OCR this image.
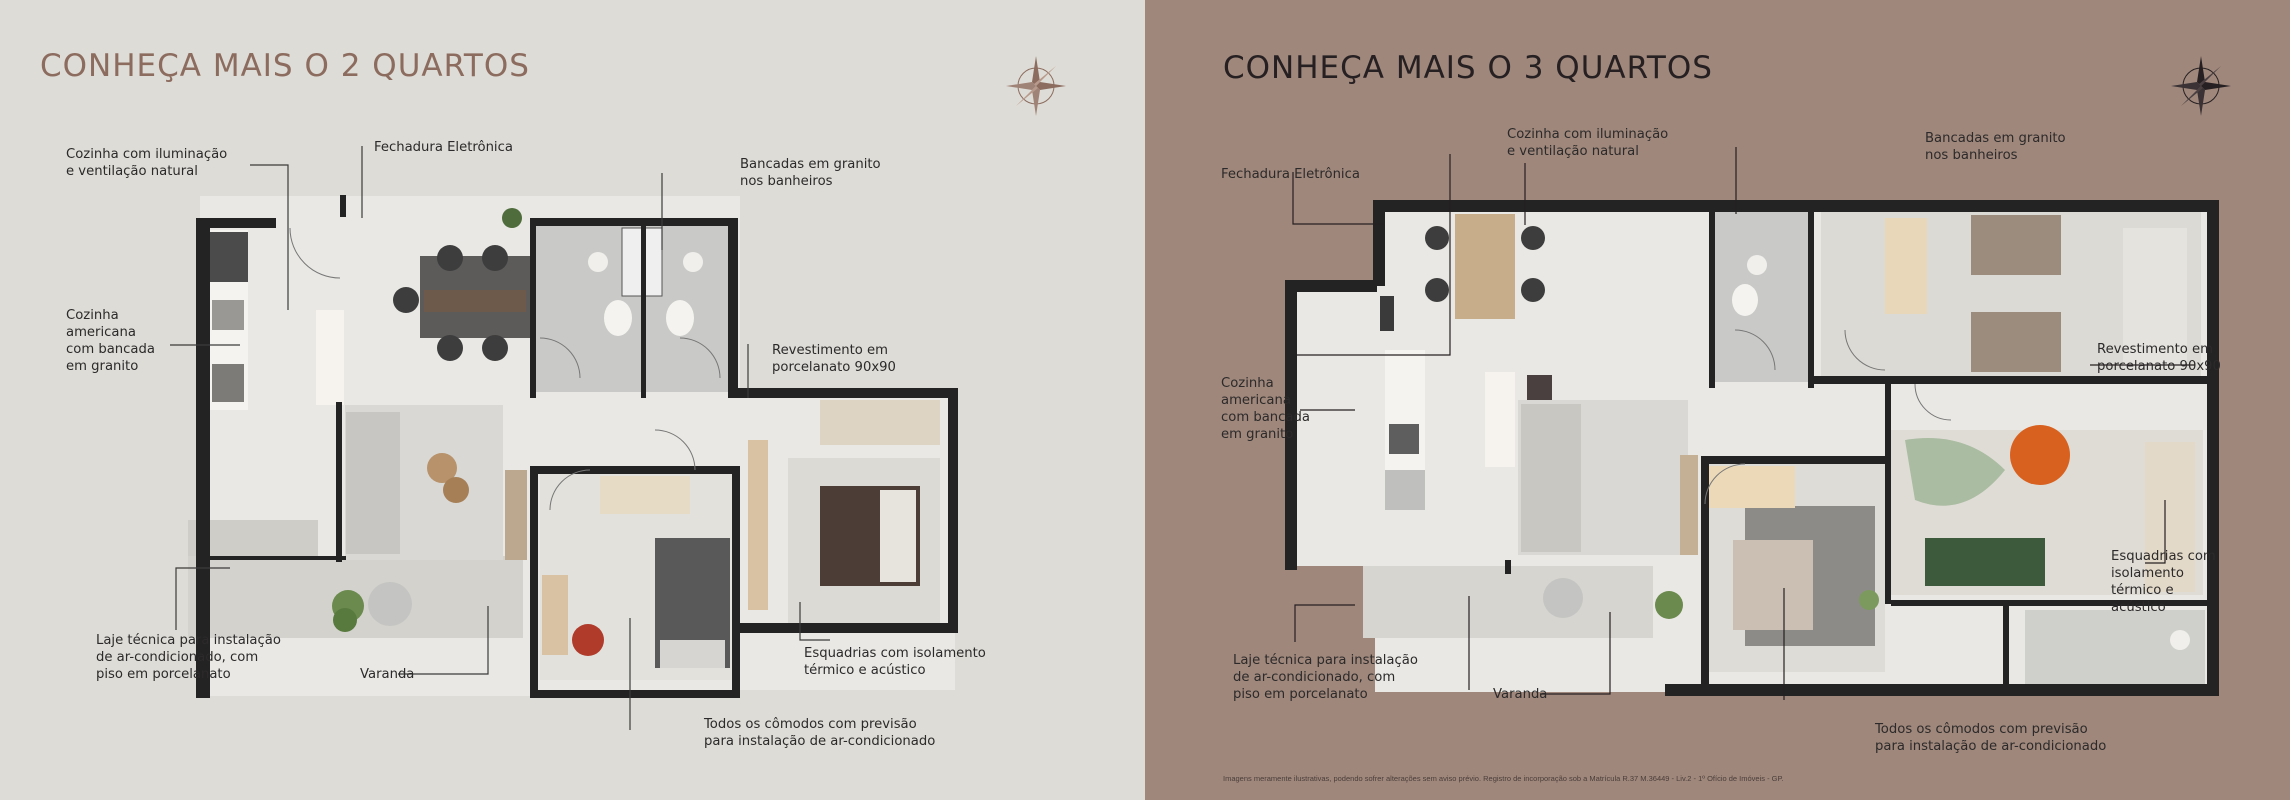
CONHEÇA MAIS O 2 QUARTOS
Cozinha com iluminação
e ventilação natural
Fechadura Eletrônica
Bancadas em granito
nos banheiros
Cozinha
americana
com bancada
em granito
Revestimento em
porcelanato 90x90
Laje técnica para instalação
de ar-condicionado, com
piso em porcelanato	Varanda
Esquadrias com isolamento
térmico e acústico
Todos os cômodos com previsão
para instalação de ar-condicionado
CONHEÇA MAIS O 3 QUARTOS
Fechadura Eletrônica
Cozinha com iluminação
e ventilação natural
Bancadas em granito
nos banheiros
Cozinha
americana
com bancada
em granito
Revestimento em
porcelanato 90x90
Esquadrias com
isolamento
térmico e
acústico
Laje técnica para instalação
de ar-condicionado, com
piso em porcelanato	Varanda
Todos os cômodos com previsão
para instalação de ar-condicionado
Imagens meramente ilustrativas, podendo sofrer alterações sem aviso prévio. Registro de incorporação sob a Matrícula R.37 M.36449 - Liv.2 - 1º Ofício de Imóveis - GP.
